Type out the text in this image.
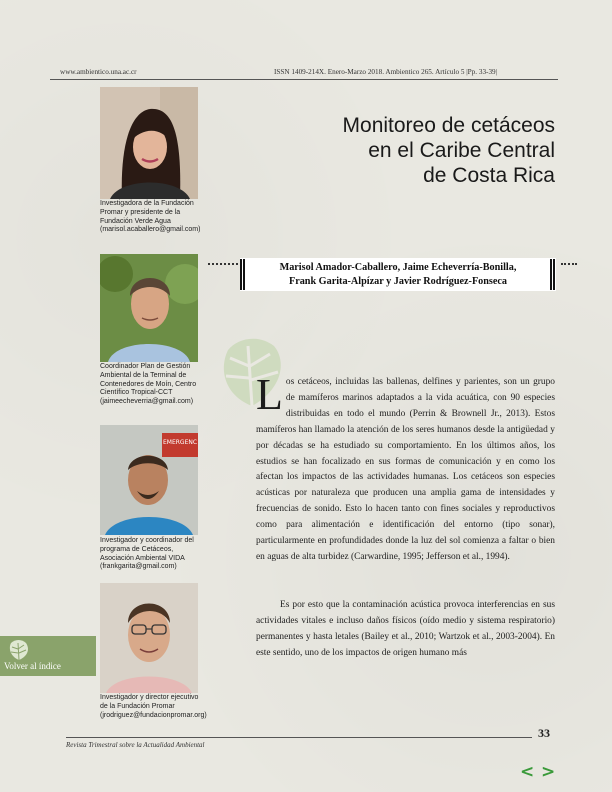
www.ambientico.una.ac.cr	ISSN 1409-214X. Enero-Marzo 2018. Ambientico 265. Artículo 5 |Pp. 33-39|
Monitoreo de cetáceos
en el Caribe Central
de Costa Rica
Investigadora de la Fundación Promar y presidente de la Fundación Verde Agua (marisol.acaballero@gmail.com)
Coordinador Plan de Gestión Ambiental de la Terminal de Contenedores de Moín, Centro Científico Tropical-CCT (jaimeecheverria@gmail.com)
EMERGENC
Investigador y coordinador del programa de Cetáceos, Asociación Ambiental VIDA (frankgarita@gmail.com)
Investigador y director ejecutivo de la Fundación Promar (jrodriguez@fundacionpromar.org)
Marisol Amador-Caballero, Jaime Echeverría-Bonilla,
Frank Garita-Alpízar y Javier Rodríguez-Fonseca
Los cetáceos, incluidas las ballenas, delfines y parientes, son un grupo de mamíferos marinos adaptados a la vida acuática, con 90 especies distribuidas en todo el mundo (Perrin & Brownell Jr., 2013). Estos mamíferos han llamado la atención de los seres humanos desde la antigüedad y por décadas se ha estudiado su comportamiento. En los últimos años, los estudios se han focalizado en sus formas de comunicación y en como los afectan los impactos de las actividades humanas. Los cetáceos son especies acústicas por naturaleza que producen una amplia gama de intensidades y frecuencias de sonido. Esto lo hacen tanto con fines sociales y reproductivos como para alimentación e identificación del entorno (tipo sonar), particularmente en profundidades donde la luz del sol comienza a faltar o bien en aguas de alta turbidez (Carwardine, 1995; Jefferson et al., 1994).
Es por esto que la contaminación acústica provoca interferencias en sus actividades vitales e incluso daños físicos (oído medio y sistema respiratorio) permanentes y hasta letales (Bailey et al., 2010; Wartzok et al., 2003-2004). En este sentido, uno de los impactos de origen humano más
33
Revista Trimestral sobre la Actualidad Ambiental
Volver al índice
< >
